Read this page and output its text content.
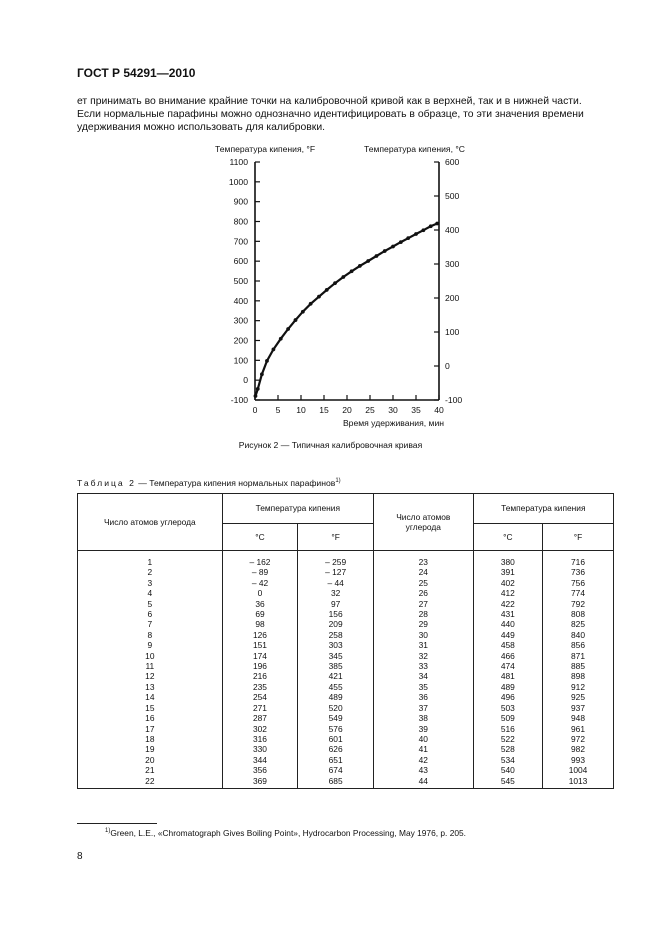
ГОСТ Р 54291—2010
ет принимать во внимание крайние точки на калибровочной кривой как в верхней, так и в нижней части.
Если нормальные парафины можно однозначно идентифицировать в образце, то эти значения времени
удерживания можно использовать для калибровки.
Температура кипения, °F	Температура кипения, °С
Время удерживания, мин
1100
1000
900
800
700
600
500
400
300
200
100
0
-100
600
500
400
300
200
100
0
-100
0 5 10 15 20 25 30 35 40
Рисунок 2 — Типичная калибровочная кривая
Таблица 2 — Температура кипения нормальных парафинов$^{1)}$
Число атомов углерода	Температура кипения		Число атомов углерода	Температура кипения	
	°С	°F		°С	°F
1	– 162	– 259	23	380	716
2	– 89	– 127	24	391	736
3	– 42	– 44	25	402	756
4	0	32	26	412	774
5	36	97	27	422	792
6	69	156	28	431	808
7	98	209	29	440	825
8	126	258	30	449	840
9	151	303	31	458	856
10	174	345	32	466	871
11	196	385	33	474	885
12	216	421	34	481	898
13	235	455	35	489	912
14	254	489	36	496	925
15	271	520	37	503	937
16	287	549	38	509	948
17	302	576	39	516	961
18	316	601	40	522	972
19	330	626	41	528	982
20	344	651	42	534	993
21	356	674	43	540	1004
22	369	685	44	545	1013
$^{1)}$Green, L.E., «Chromatograph Gives Boiling Point», Hydrocarbon Processing, May 1976, p. 205.
8
